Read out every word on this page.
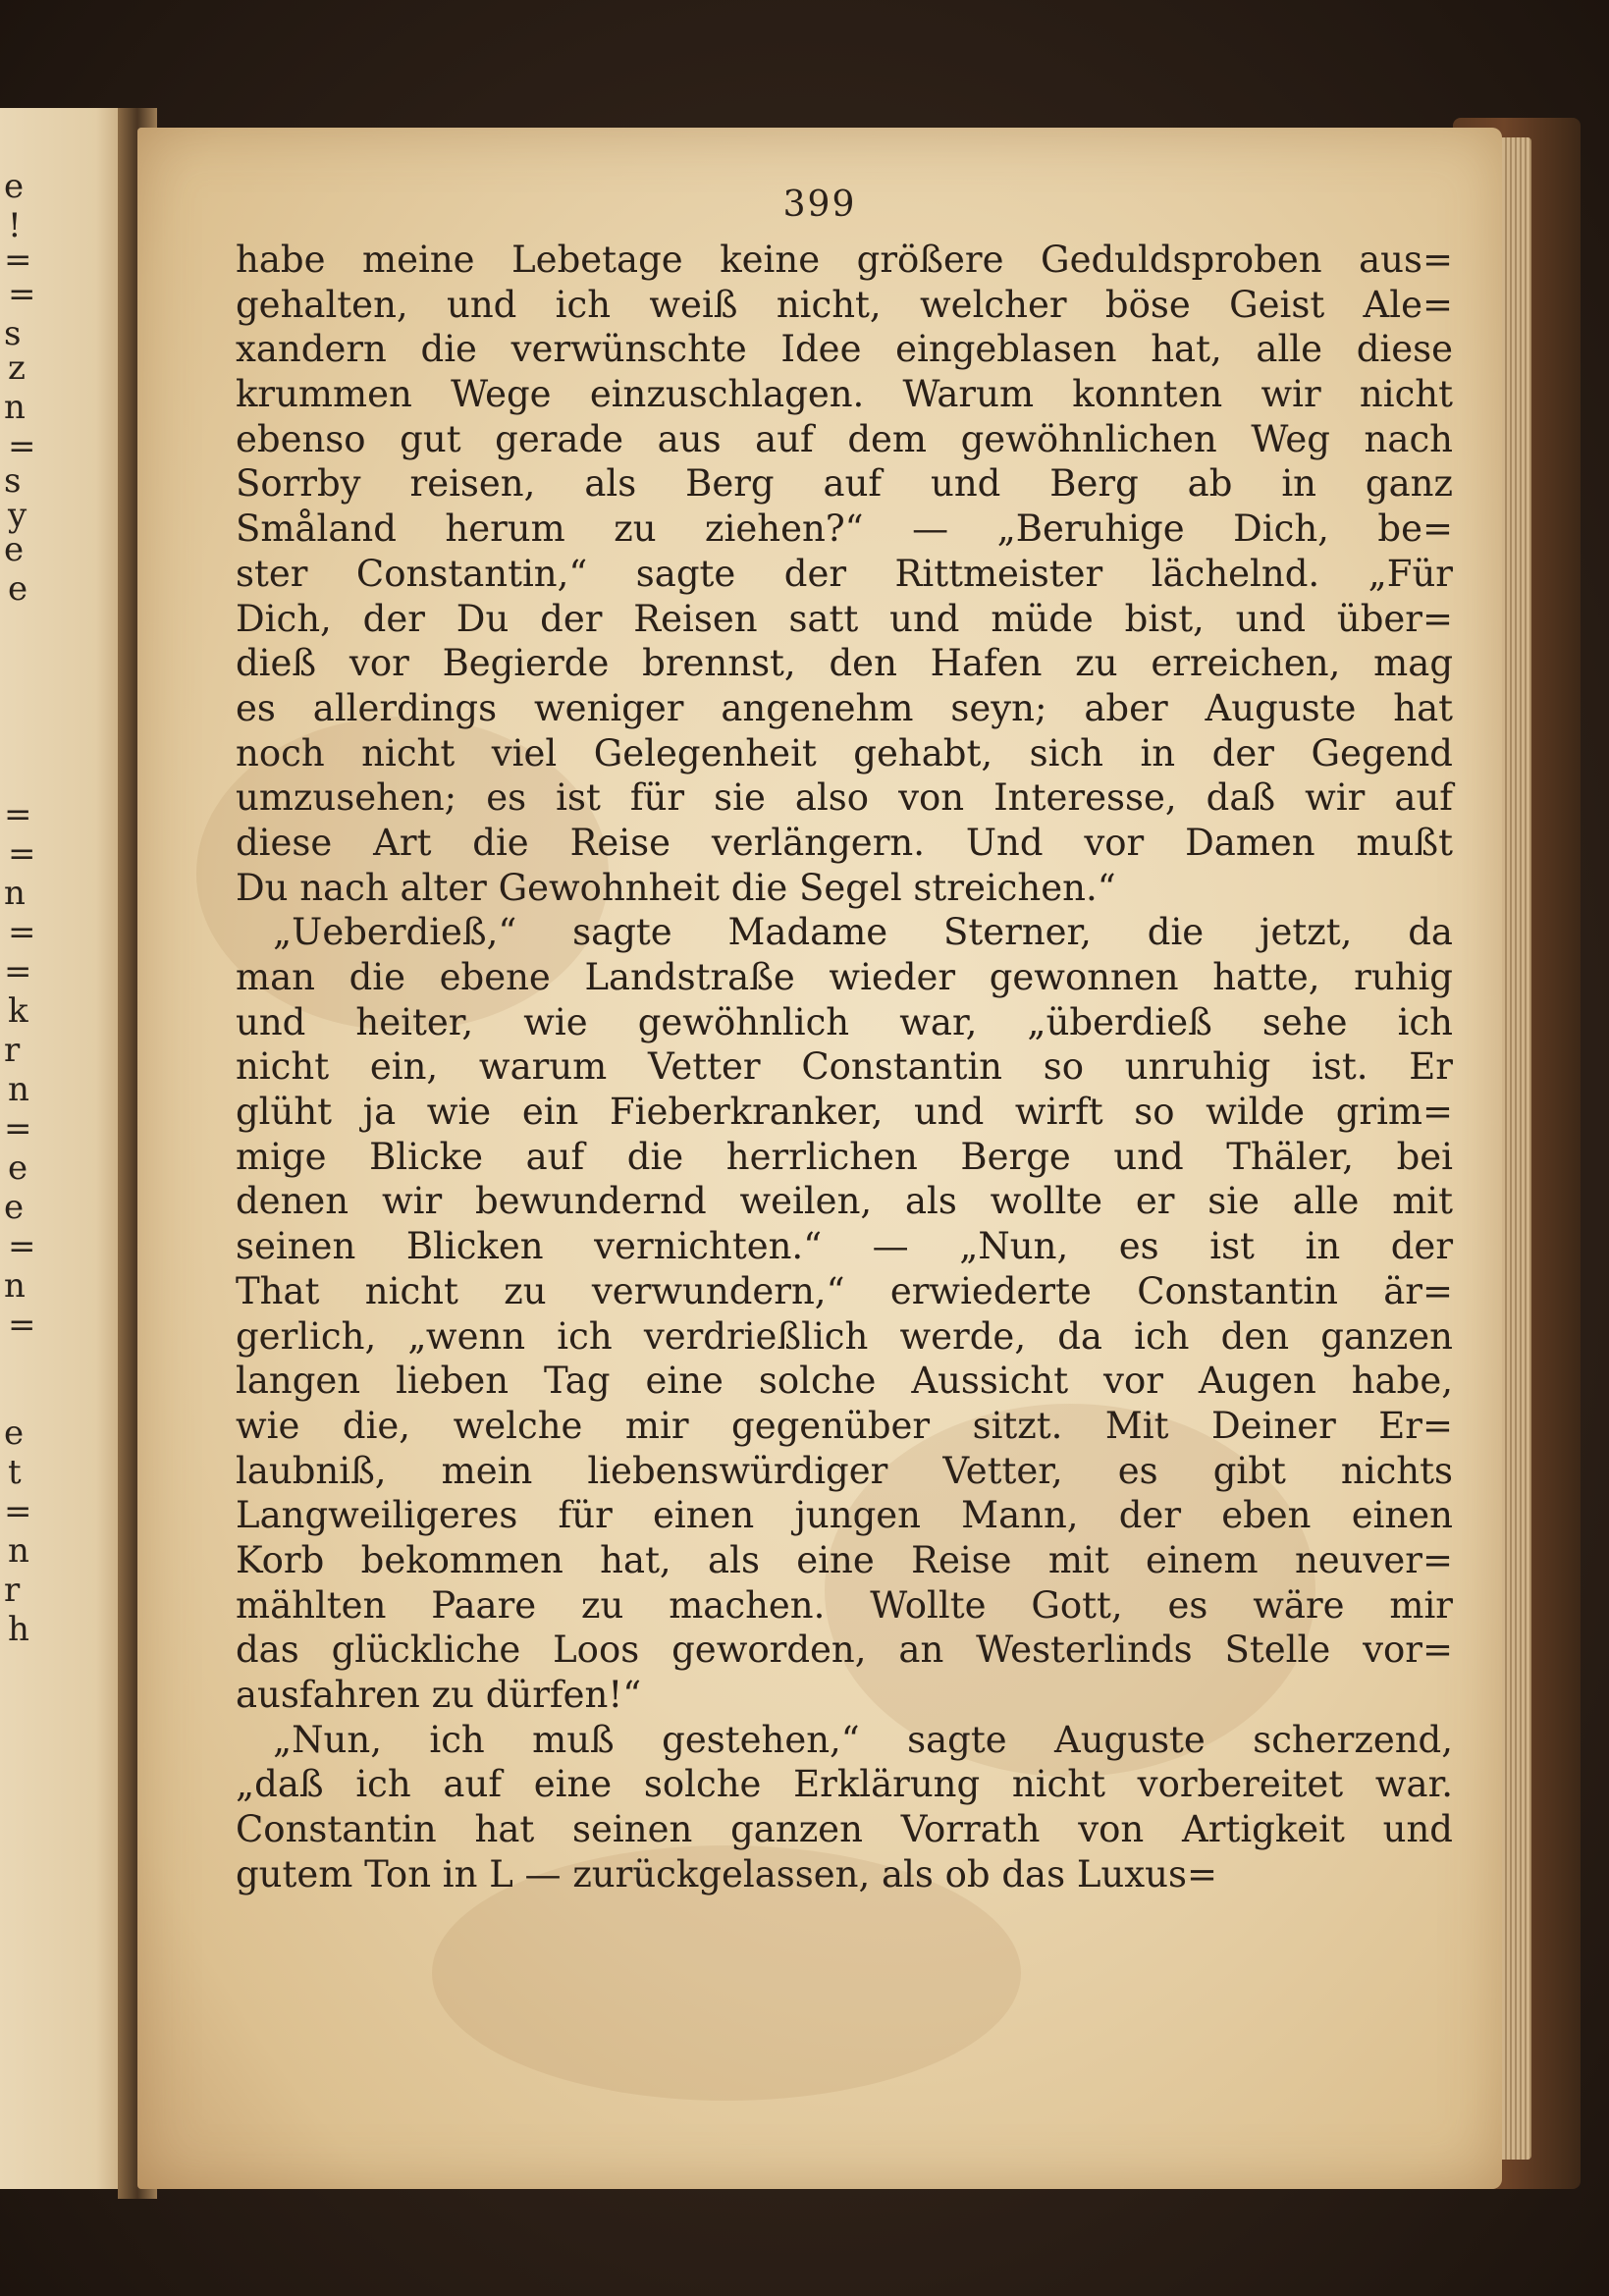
e
!
=
=
s
z
n
=
s
y
e
e
=
=
n
=
=
k
r
n
=
e
e
=
n
=
e
t
=
n
r
h
399
habe meine Lebetage keine größere Geduldsproben aus=
gehalten, und ich weiß nicht, welcher böse Geist Ale=
xandern die verwünschte Idee eingeblasen hat, alle diese
krummen Wege einzuschlagen. Warum konnten wir nicht
ebenso gut gerade aus auf dem gewöhnlichen Weg nach
Sorrby reisen, als Berg auf und Berg ab in ganz
Småland herum zu ziehen?“ — „Beruhige Dich, be=
ster Constantin,“ sagte der Rittmeister lächelnd. „Für
Dich, der Du der Reisen satt und müde bist, und über=
dieß vor Begierde brennst, den Hafen zu erreichen, mag
es allerdings weniger angenehm seyn; aber Auguste hat
noch nicht viel Gelegenheit gehabt, sich in der Gegend
umzusehen; es ist für sie also von Interesse, daß wir auf
diese Art die Reise verlängern. Und vor Damen mußt
Du nach alter Gewohnheit die Segel streichen.“
„Ueberdieß,“ sagte Madame Sterner, die jetzt, da
man die ebene Landstraße wieder gewonnen hatte, ruhig
und heiter, wie gewöhnlich war, „überdieß sehe ich
nicht ein, warum Vetter Constantin so unruhig ist. Er
glüht ja wie ein Fieberkranker, und wirft so wilde grim=
mige Blicke auf die herrlichen Berge und Thäler, bei
denen wir bewundernd weilen, als wollte er sie alle mit
seinen Blicken vernichten.“ — „Nun, es ist in der
That nicht zu verwundern,“ erwiederte Constantin är=
gerlich, „wenn ich verdrießlich werde, da ich den ganzen
langen lieben Tag eine solche Aussicht vor Augen habe,
wie die, welche mir gegenüber sitzt. Mit Deiner Er=
laubniß, mein liebenswürdiger Vetter, es gibt nichts
Langweiligeres für einen jungen Mann, der eben einen
Korb bekommen hat, als eine Reise mit einem neuver=
mählten Paare zu machen. Wollte Gott, es wäre mir
das glückliche Loos geworden, an Westerlinds Stelle vor=
ausfahren zu dürfen!“
„Nun, ich muß gestehen,“ sagte Auguste scherzend,
„daß ich auf eine solche Erklärung nicht vorbereitet war.
Constantin hat seinen ganzen Vorrath von Artigkeit und
gutem Ton in L — zurückgelassen, als ob das Luxus=
